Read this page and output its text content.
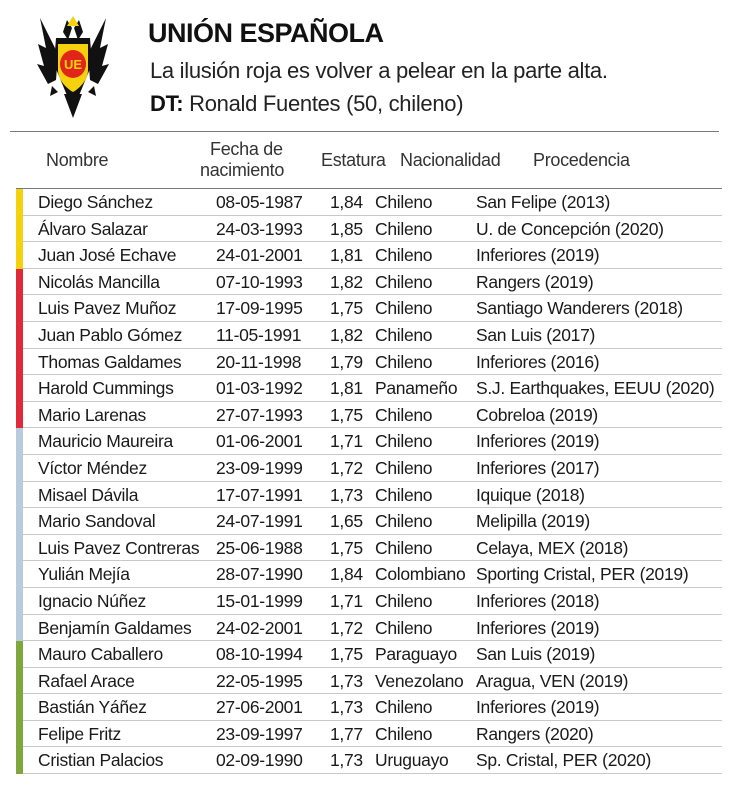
UE
UNIÓN ESPAÑOLA
La ilusión roja es volver a pelear en la parte alta.
DT: Ronald Fuentes (50, chileno)
Nombre
Fecha de
nacimiento Estatura Nacionalidad Procedencia
Diego Sánchez	08-05-1987 1,84 Chileno	San Felipe (2013)
Álvaro Salazar	24-03-1993 1,85 Chileno	U. de Concepción (2020)
Juan José Echave 24-01-2001 1,81 Chileno	Inferiores (2019)
Nicolás Mancilla	07-10-1993 1,82 Chileno	Rangers (2019)
Luis Pavez Muñoz 17-09-1995 1,75 Chileno	Santiago Wanderers (2018)
Juan Pablo Gómez 11-05-1991 1,82 Chileno	San Luis (2017)
Thomas Galdames 20-11-1998 1,79 Chileno	Inferiores (2016)
Harold Cummings 01-03-1992 1,81 Panameño S.J. Earthquakes, EEUU (2020)
Mario Larenas	27-07-1993 1,75 Chileno	Cobreloa (2019)
Mauricio Maureira 01-06-2001 1,71 Chileno	Inferiores (2019)
Víctor Méndez	23-09-1999 1,72 Chileno	Inferiores (2017)
Misael Dávila	17-07-1991 1,73 Chileno	Iquique (2018)
Mario Sandoval	24-07-1991 1,65 Chileno	Melipilla (2019)
Luis Pavez Contreras 25-06-1988 1,75 Chileno	Celaya, MEX (2018)
Yulián Mejía	28-07-1990 1,84 Colombiano Sporting Cristal, PER (2019)
Ignacio Núñez	15-01-1999 1,71 Chileno	Inferiores (2018)
Benjamín Galdames 24-02-2001 1,72 Chileno	Inferiores (2019)
Mauro Caballero	08-10-1994 1,75 Paraguayo San Luis (2019)
Rafael Arace	22-05-1995 1,73 Venezolano Aragua, VEN (2019)
Bastián Yáñez	27-06-2001 1,73 Chileno	Inferiores (2019)
Felipe Fritz	23-09-1997 1,77 Chileno	Rangers (2020)
Cristian Palacios	02-09-1990 1,73 Uruguayo Sp. Cristal, PER (2020)
